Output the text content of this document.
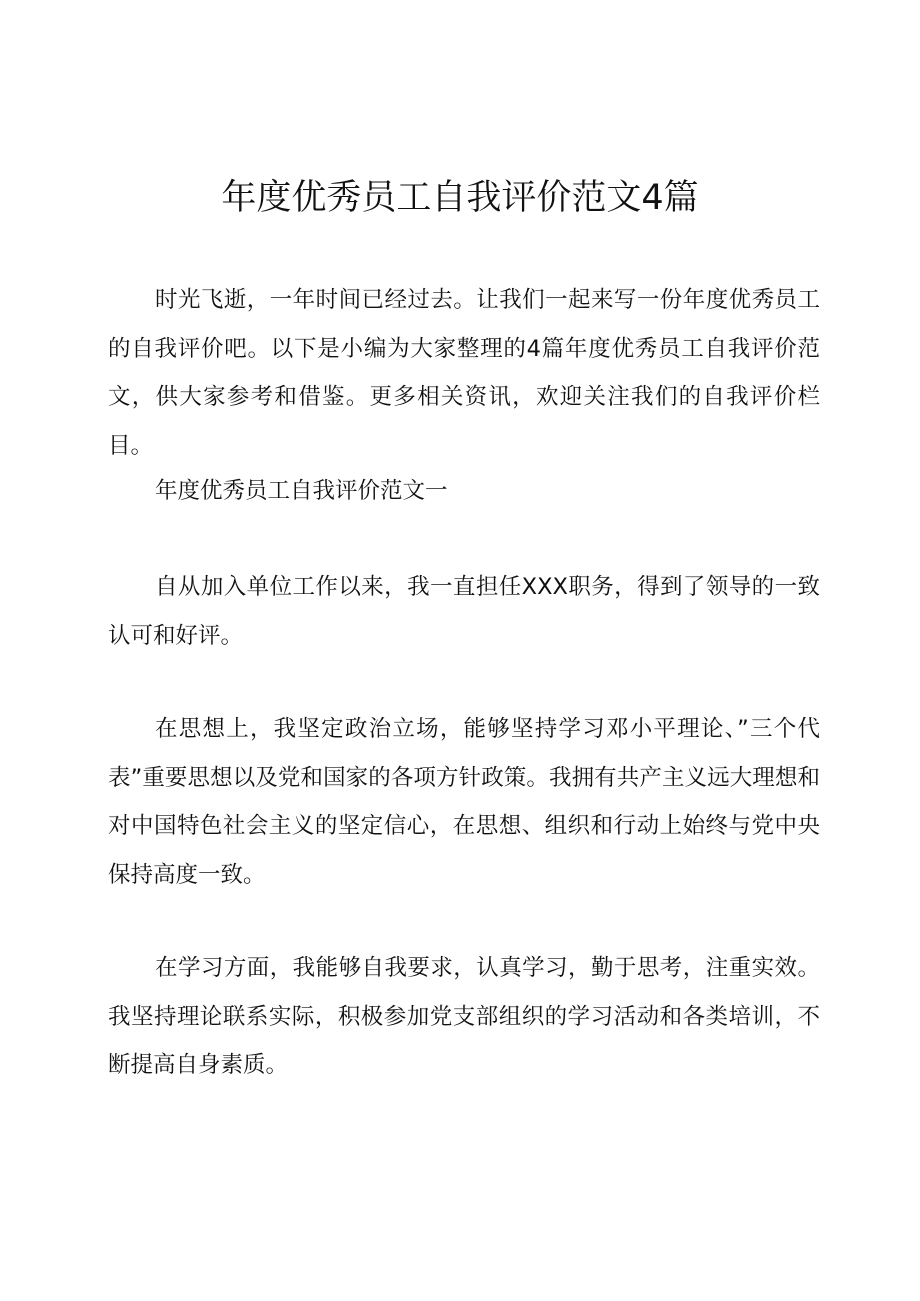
年度优秀员工自我评价范文4篇

时光飞逝，一年时间已经过去。让我们一起来写一份年度优秀员工的自我评价吧。以下是小编为大家整理的4篇年度优秀员工自我评价范文，供大家参考和借鉴。更多相关资讯，欢迎关注我们的自我评价栏目。

年度优秀员工自我评价范文一

自从加入单位工作以来，我一直担任XXX职务，得到了领导的一致认可和好评。

在思想上，我坚定政治立场，能够坚持学习邓小平理论、”三个代表”重要思想以及党和国家的各项方针政策。我拥有共产主义远大理想和对中国特色社会主义的坚定信心，在思想、组织和行动上始终与党中央保持高度一致。

在学习方面，我能够自我要求，认真学习，勤于思考，注重实效。我坚持理论联系实际，积极参加党支部组织的学习活动和各类培训，不断提高自身素质。
